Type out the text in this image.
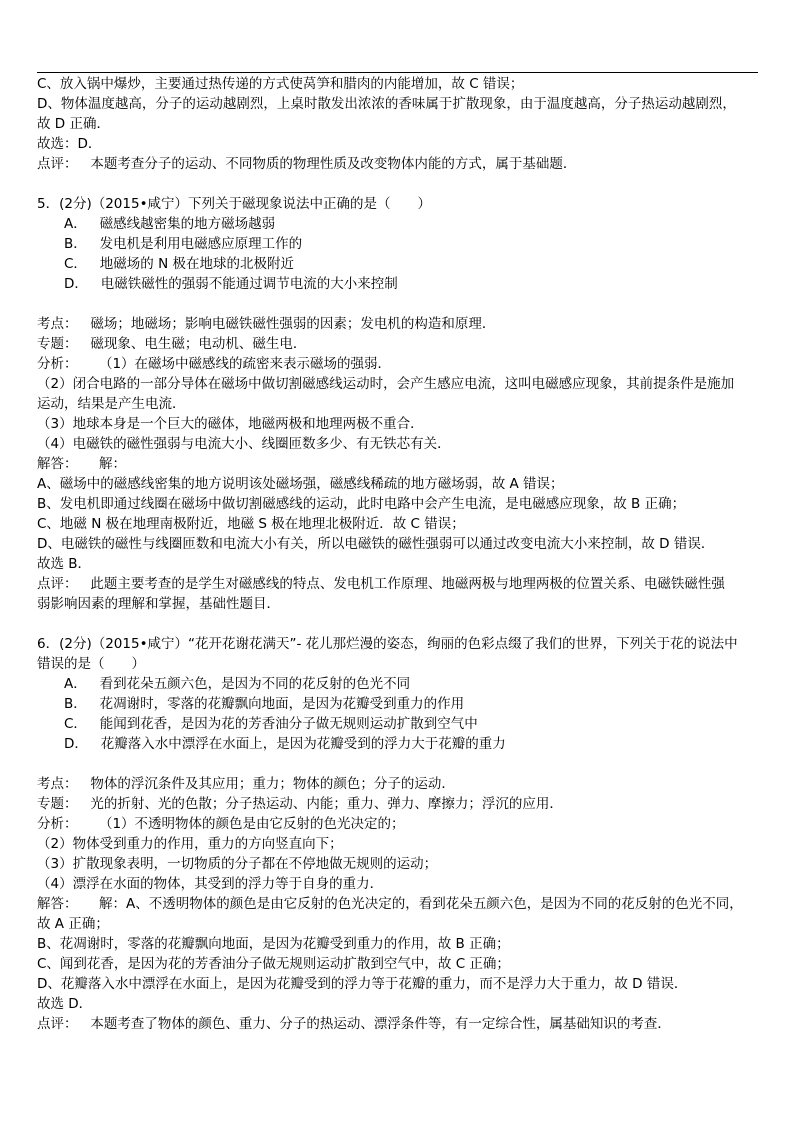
C、放入锅中爆炒，主要通过热传递的方式使莴笋和腊肉的内能增加，故 C 错误；
D、物体温度越高，分子的运动越剧烈，上桌时散发出浓浓的香味属于扩散现象，由于温度越高，分子热运动越剧烈，
故 D 正确．
故选：D．
点评：   本题考查分子的运动、不同物质的物理性质及改变物体内能的方式，属于基础题．
5．(2分)（2015•咸宁）下列关于磁现象说法中正确的是（　　）
A．   磁感线越密集的地方磁场越弱
B．   发电机是利用电磁感应原理工作的
C．   地磁场的 N 极在地球的北极附近
D．   电磁铁磁性的强弱不能通过调节电流的大小来控制
考点：   磁场；地磁场；影响电磁铁磁性强弱的因素；发电机的构造和原理．
专题：   磁现象、电生磁；电动机、磁生电．
分析：     （1）在磁场中磁感线的疏密来表示磁场的强弱．
（2）闭合电路的一部分导体在磁场中做切割磁感线运动时，会产生感应电流，这叫电磁感应现象，其前提条件是施加
运动，结果是产生电流．
（3）地球本身是一个巨大的磁体，地磁两极和地理两极不重合．
（4）电磁铁的磁性强弱与电流大小、线圈匝数多少、有无铁芯有关．
解答：     解：
A、磁场中的磁感线密集的地方说明该处磁场强，磁感线稀疏的地方磁场弱，故 A 错误；
B、发电机即通过线圈在磁场中做切割磁感线的运动，此时电路中会产生电流，是电磁感应现象，故 B 正确；
C、地磁 N 极在地理南极附近，地磁 S 极在地理北极附近．故 C 错误；
D、电磁铁的磁性与线圈匝数和电流大小有关，所以电磁铁的磁性强弱可以通过改变电流大小来控制，故 D 错误．
故选 B．
点评：   此题主要考查的是学生对磁感线的特点、发电机工作原理、地磁两极与地理两极的位置关系、电磁铁磁性强
弱影响因素的理解和掌握，基础性题目．
6．(2分)（2015•咸宁）“花开花谢花满天”- 花儿那烂漫的姿态，绚丽的色彩点缀了我们的世界，下列关于花的说法中
错误的是（　　）
A．   看到花朵五颜六色，是因为不同的花反射的色光不同
B．   花凋谢时，零落的花瓣飘向地面，是因为花瓣受到重力的作用
C．   能闻到花香，是因为花的芳香油分子做无规则运动扩散到空气中
D．   花瓣落入水中漂浮在水面上，是因为花瓣受到的浮力大于花瓣的重力
考点：   物体的浮沉条件及其应用；重力；物体的颜色；分子的运动．
专题：   光的折射、光的色散；分子热运动、内能；重力、弹力、摩擦力；浮沉的应用．
分析：     （1）不透明物体的颜色是由它反射的色光决定的；
（2）物体受到重力的作用，重力的方向竖直向下；
（3）扩散现象表明，一切物质的分子都在不停地做无规则的运动；
（4）漂浮在水面的物体，其受到的浮力等于自身的重力．
解答：     解：A、不透明物体的颜色是由它反射的色光决定的，看到花朵五颜六色，是因为不同的花反射的色光不同，
故 A 正确；
B、花凋谢时，零落的花瓣飘向地面，是因为花瓣受到重力的作用，故 B 正确；
C、闻到花香，是因为花的芳香油分子做无规则运动扩散到空气中，故 C 正确；
D、花瓣落入水中漂浮在水面上，是因为花瓣受到的浮力等于花瓣的重力，而不是浮力大于重力，故 D 错误．
故选 D．
点评：   本题考查了物体的颜色、重力、分子的热运动、漂浮条件等，有一定综合性，属基础知识的考查．
